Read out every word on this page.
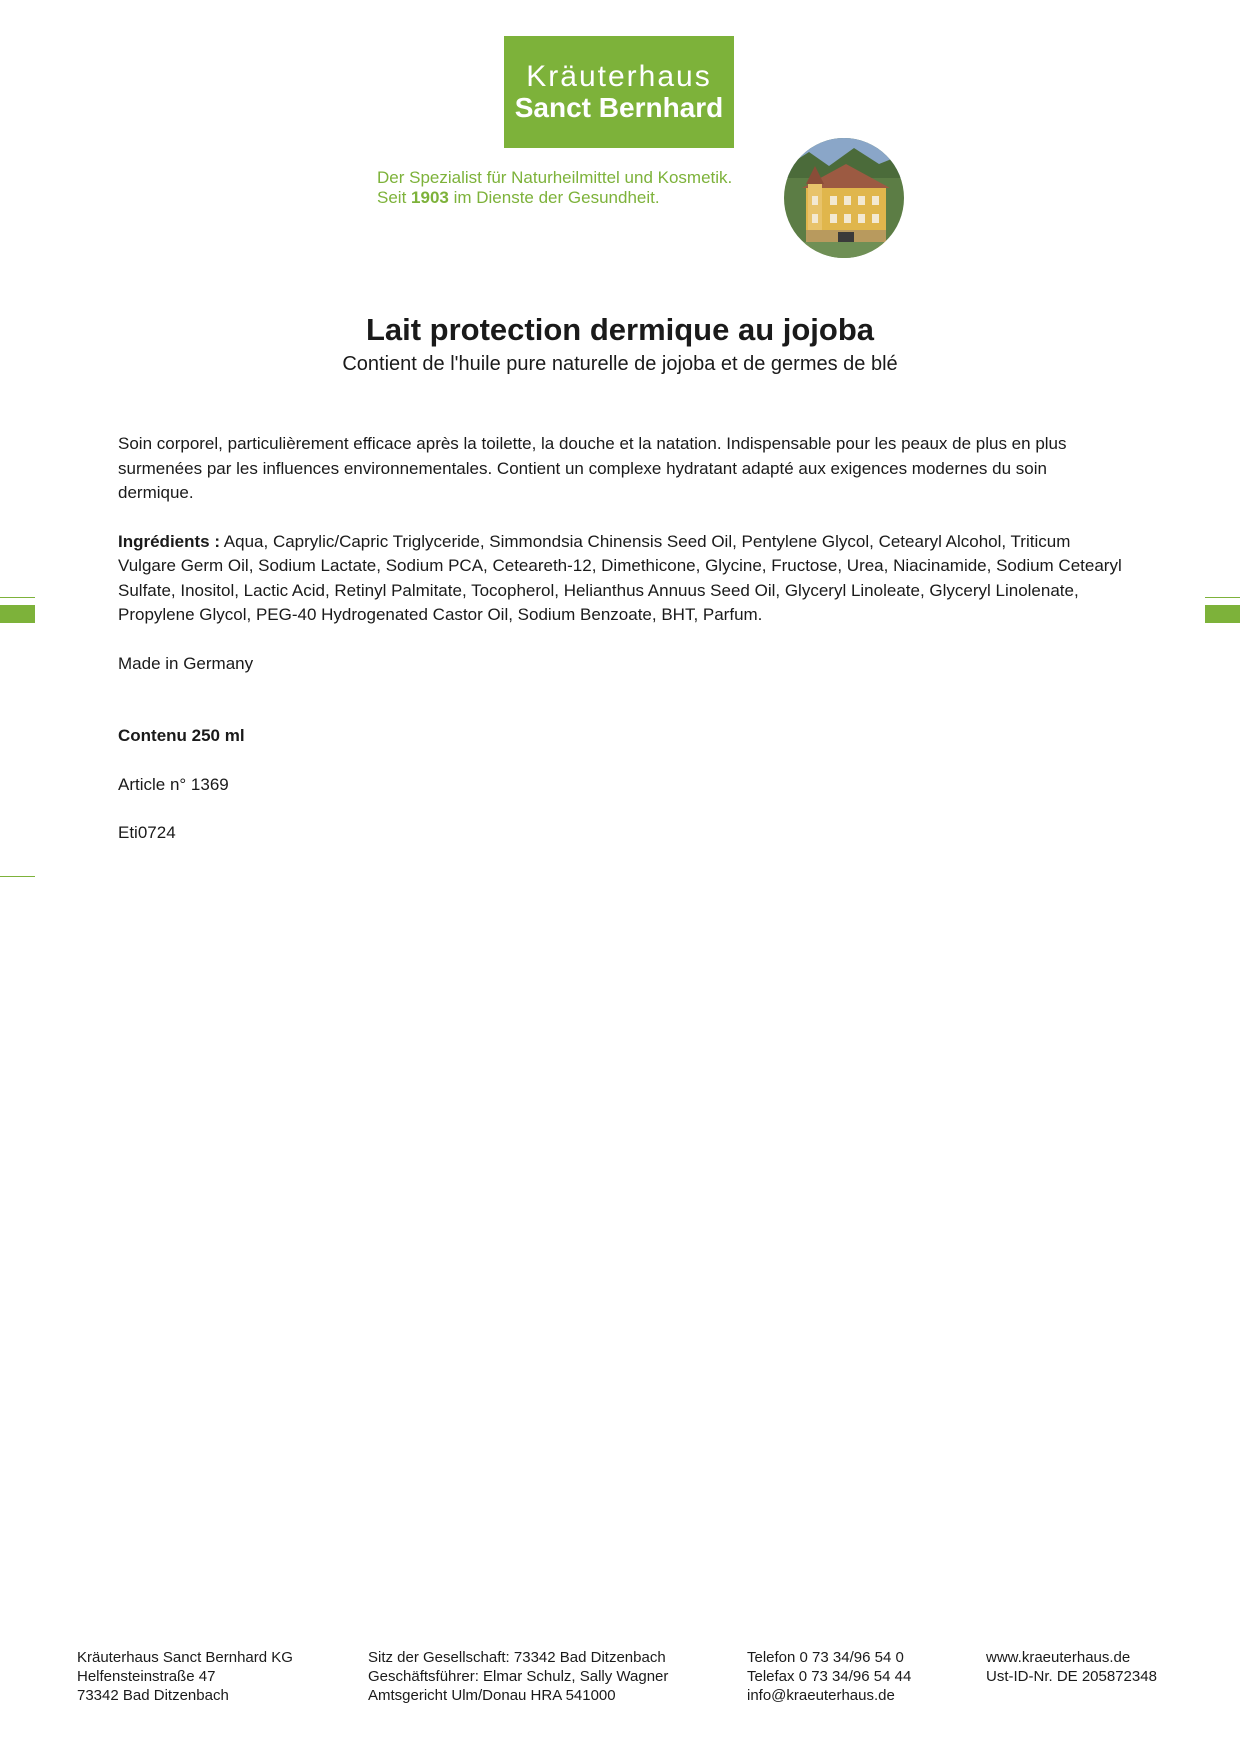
Kräuterhaus
Sanct Bernhard
Der Spezialist für Naturheilmittel und Kosmetik.
Seit 1903 im Dienste der Gesundheit.
Lait protection dermique au jojoba

Contient de l'huile pure naturelle de jojoba et de germes de blé

Soin corporel, particulièrement efficace après la toilette, la douche et la natation. Indispensable pour les peaux de plus en plus surmenées par les influences environnementales. Contient un complexe hydratant adapté aux exigences modernes du soin dermique.

Ingrédients : Aqua, Caprylic/Capric Triglyceride, Simmondsia Chinensis Seed Oil, Pentylene Glycol, Cetearyl Alcohol, Triticum Vulgare Germ Oil, Sodium Lactate, Sodium PCA, Ceteareth-12, Dimethicone, Glycine, Fructose, Urea, Niacinamide, Sodium Cetearyl Sulfate, Inositol, Lactic Acid, Retinyl Palmitate, Tocopherol, Helianthus Annuus Seed Oil, Glyceryl Linoleate, Glyceryl Linolenate, Propylene Glycol, PEG-40 Hydrogenated Castor Oil, Sodium Benzoate, BHT, Parfum.

Made in Germany

Contenu 250 ml

Article n° 1369

Eti0724

Kräuterhaus Sanct Bernhard KG
Helfensteinstraße 47
73342 Bad Ditzenbach
Sitz der Gesellschaft: 73342 Bad Ditzenbach
Geschäftsführer: Elmar Schulz, Sally Wagner
Amtsgericht Ulm/Donau HRA 541000
Telefon 0 73 34/96 54 0
Telefax 0 73 34/96 54 44
info@kraeuterhaus.de
www.kraeuterhaus.de
Ust-ID-Nr. DE 205872348
